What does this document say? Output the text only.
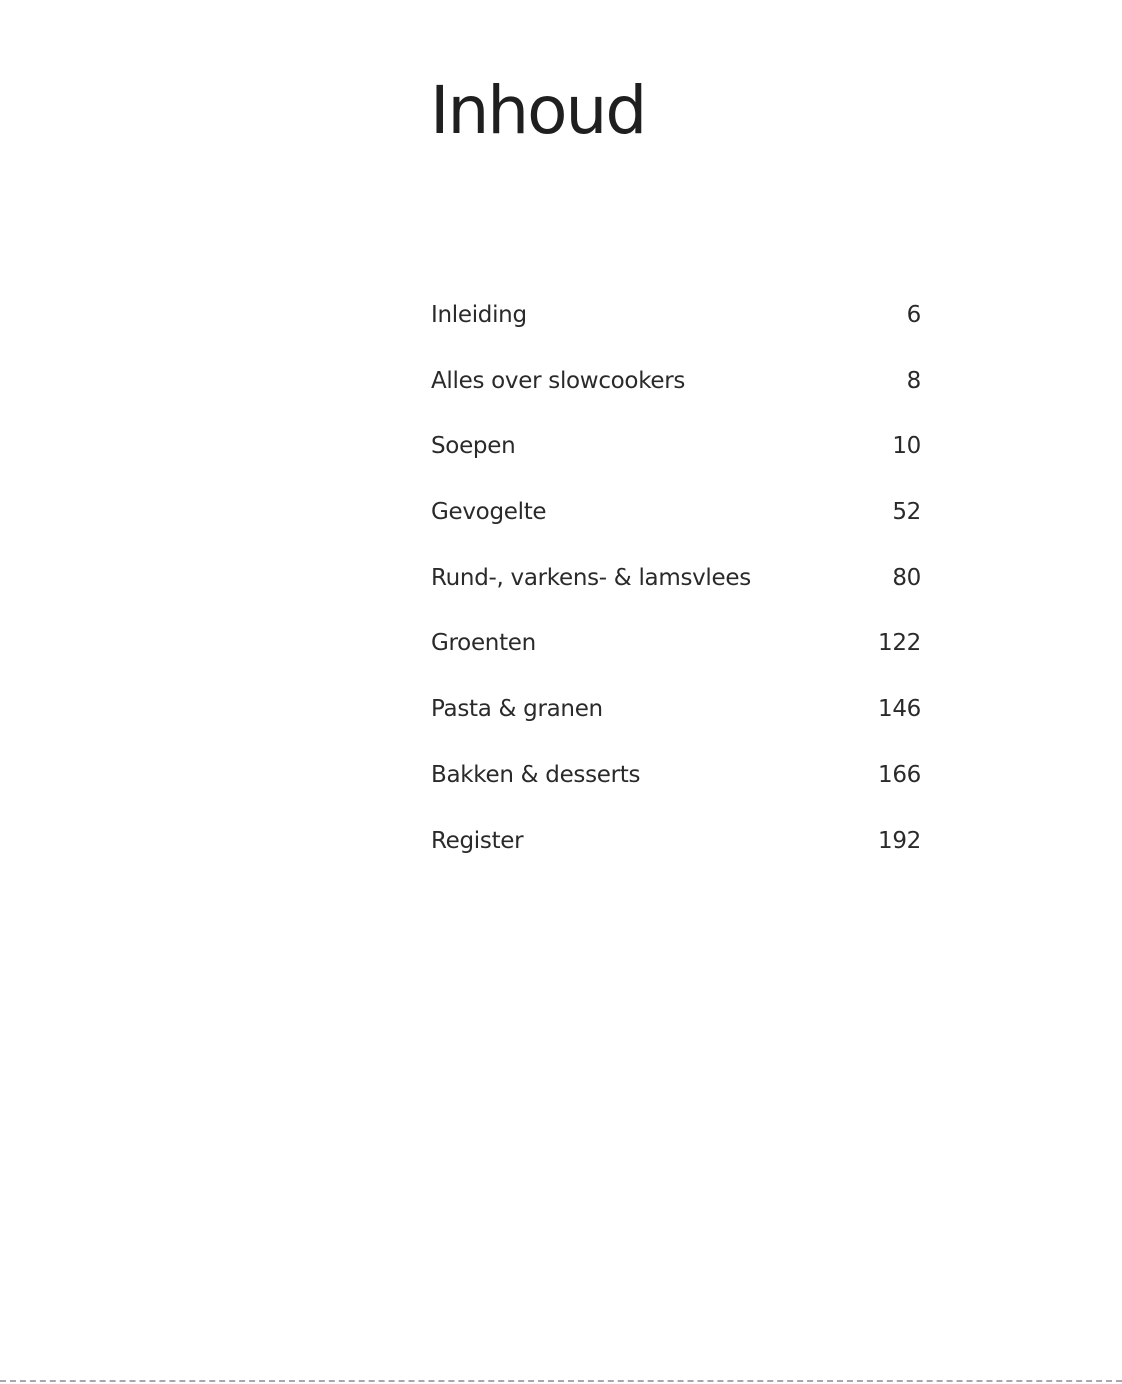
Inhoud
Inleiding	6
Alles over slowcookers	8
Soepen	10
Gevogelte	52
Rund-, varkens- & lamsvlees	80
Groenten	122
Pasta & granen	146
Bakken & desserts	166
Register	192
